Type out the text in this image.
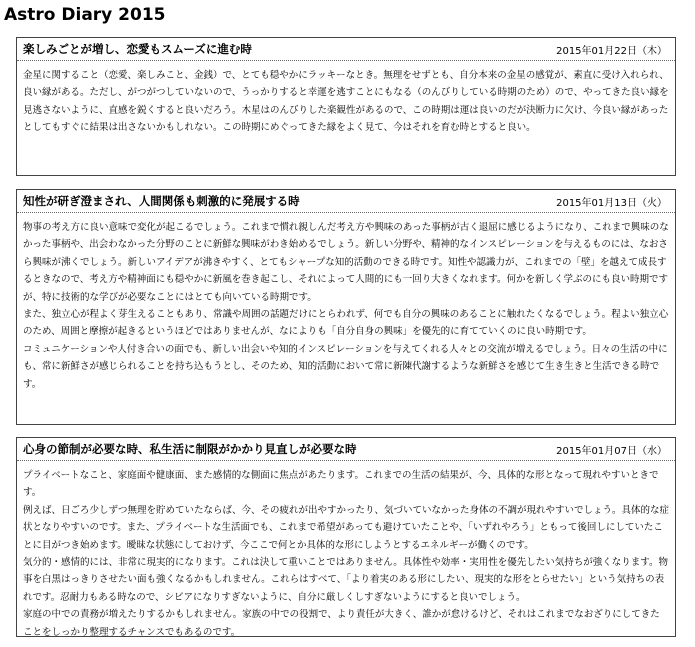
Astro Diary 2015
楽しみごとが増し、恋愛もスムーズに進む時	2015年01月22日（木）

金星に関すること（恋愛、楽しみこと、金銭）で、とても穏やかにラッキーなとき。無理をせずとも、自分本来の金星の感覚が、素直に受け入れられ、良い縁がある。ただし、がつがつしていないので、うっかりすると幸運を逃すことにもなる（のんびりしている時期のため）ので、やってきた良い縁を見逃さないように、直感を鋭くすると良いだろう。木星はのんびりした楽観性があるので、この時期は運は良いのだが決断力に欠け、今良い縁があったとしてもすぐに結果は出さないかもしれない。この時期にめぐってきた縁をよく見て、今はそれを育む時とすると良い。

知性が研ぎ澄まされ、人間関係も刺激的に発展する時	2015年01月13日（火）

物事の考え方に良い意味で変化が起こるでしょう。これまで慣れ親しんだ考え方や興味のあった事柄が古く退屈に感じるようになり、これまで興味のなかった事柄や、出会わなかった分野のことに新鮮な興味がわき始めるでしょう。新しい分野や、精神的なインスピレーションを与えるものには、なおさら興味が沸くでしょう。新しいアイデアが沸きやすく、とてもシャープな知的活動のできる時です。知性や認識力が、これまでの「壁」を越えて成長するときなので、考え方や精神面にも穏やかに新風を巻き起こし、それによって人間的にも一回り大きくなれます。何かを新しく学ぶのにも良い時期ですが、特に技術的な学びが必要なことにはとても向いている時期です。

また、独立心が程よく芽生えることもあり、常識や周囲の話題だけにとらわれず、何でも自分の興味のあることに触れたくなるでしょう。程よい独立心のため、周囲と摩擦が起きるというほどではありませんが、なによりも「自分自身の興味」を優先的に育てていくのに良い時期です。

コミュニケーションや人付き合いの面でも、新しい出会いや知的インスピレーションを与えてくれる人々との交流が増えるでしょう。日々の生活の中にも、常に新鮮さが感じられることを持ち込もうとし、そのため、知的活動において常に新陳代謝するような新鮮さを感じて生き生きと生活できる時です。

心身の節制が必要な時、私生活に制限がかかり見直しが必要な時	2015年01月07日（水）

プライベートなこと、家庭面や健康面、また感情的な側面に焦点があたります。これまでの生活の結果が、今、具体的な形となって現れやすいときです。

例えば、日ごろ少しずつ無理を貯めていたならば、今、その疲れが出やすかったり、気づいていなかった身体の不調が現れやすいでしょう。具体的な症状となりやすいのです。また、プライベートな生活面でも、これまで希望があっても避けていたことや、「いずれやろう」ともって後回しにしていたことに目がつき始めます。曖昧な状態にしておけず、今ここで何とか具体的な形にしようとするエネルギーが働くのです。

気分的・感情的には、非常に現実的になります。これは決して重いことではありません。具体性や効率・実用性を優先したい気持ちが強くなります。物事を白黒はっきりさせたい面も強くなるかもしれません。これらはすべて、「より着実のある形にしたい、現実的な形をとらせたい」という気持ちの表れです。忍耐力もある時なので、シビアになりすぎないように、自分に厳しくしすぎないようにすると良いでしょう。

家庭の中での責務が増えたりするかもしれません。家族の中での役割で、より責任が大きく、誰かが怠けるけど、それはこれまでなおざりにしてきたことをしっかり整理するチャンスでもあるのです。
